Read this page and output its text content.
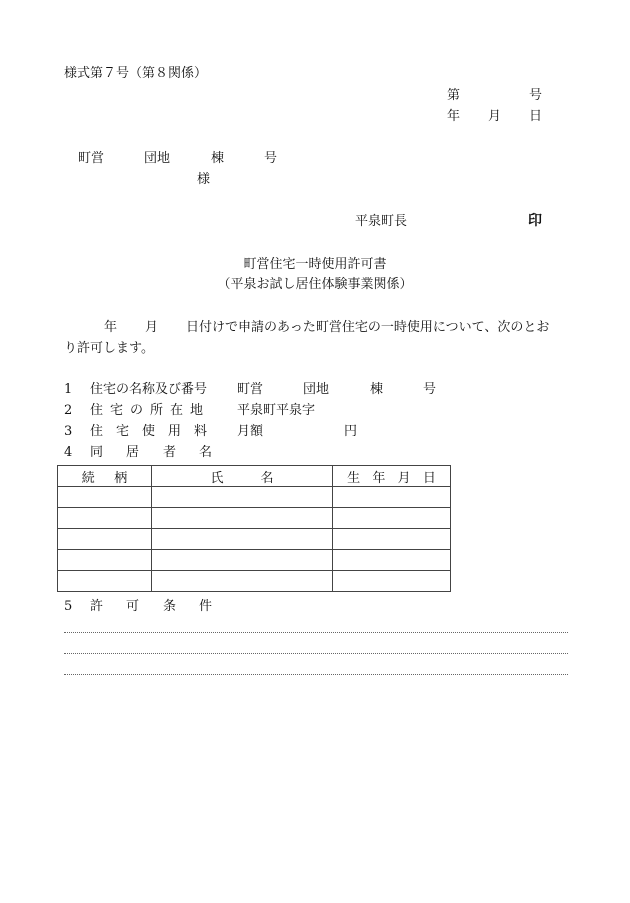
様式第７号（第８関係）
第	号
年 月 日
町営	団地	棟	号
様
平泉町長	印
町営住宅一時使用許可書
（平泉お試し居住体験事業関係）
年 月 日付けで申請のあった町営住宅の一時使用について、次のとお
り許可します。
1 住宅の名称及び番号 町営	団地	棟	号
2 住 宅 の 所 在 地	平泉町平泉字
3 住 宅 使 用 料 月額	円
4 同 居 者 名
続 柄	氏 名	生 年 月 日

5 許 可 条 件
